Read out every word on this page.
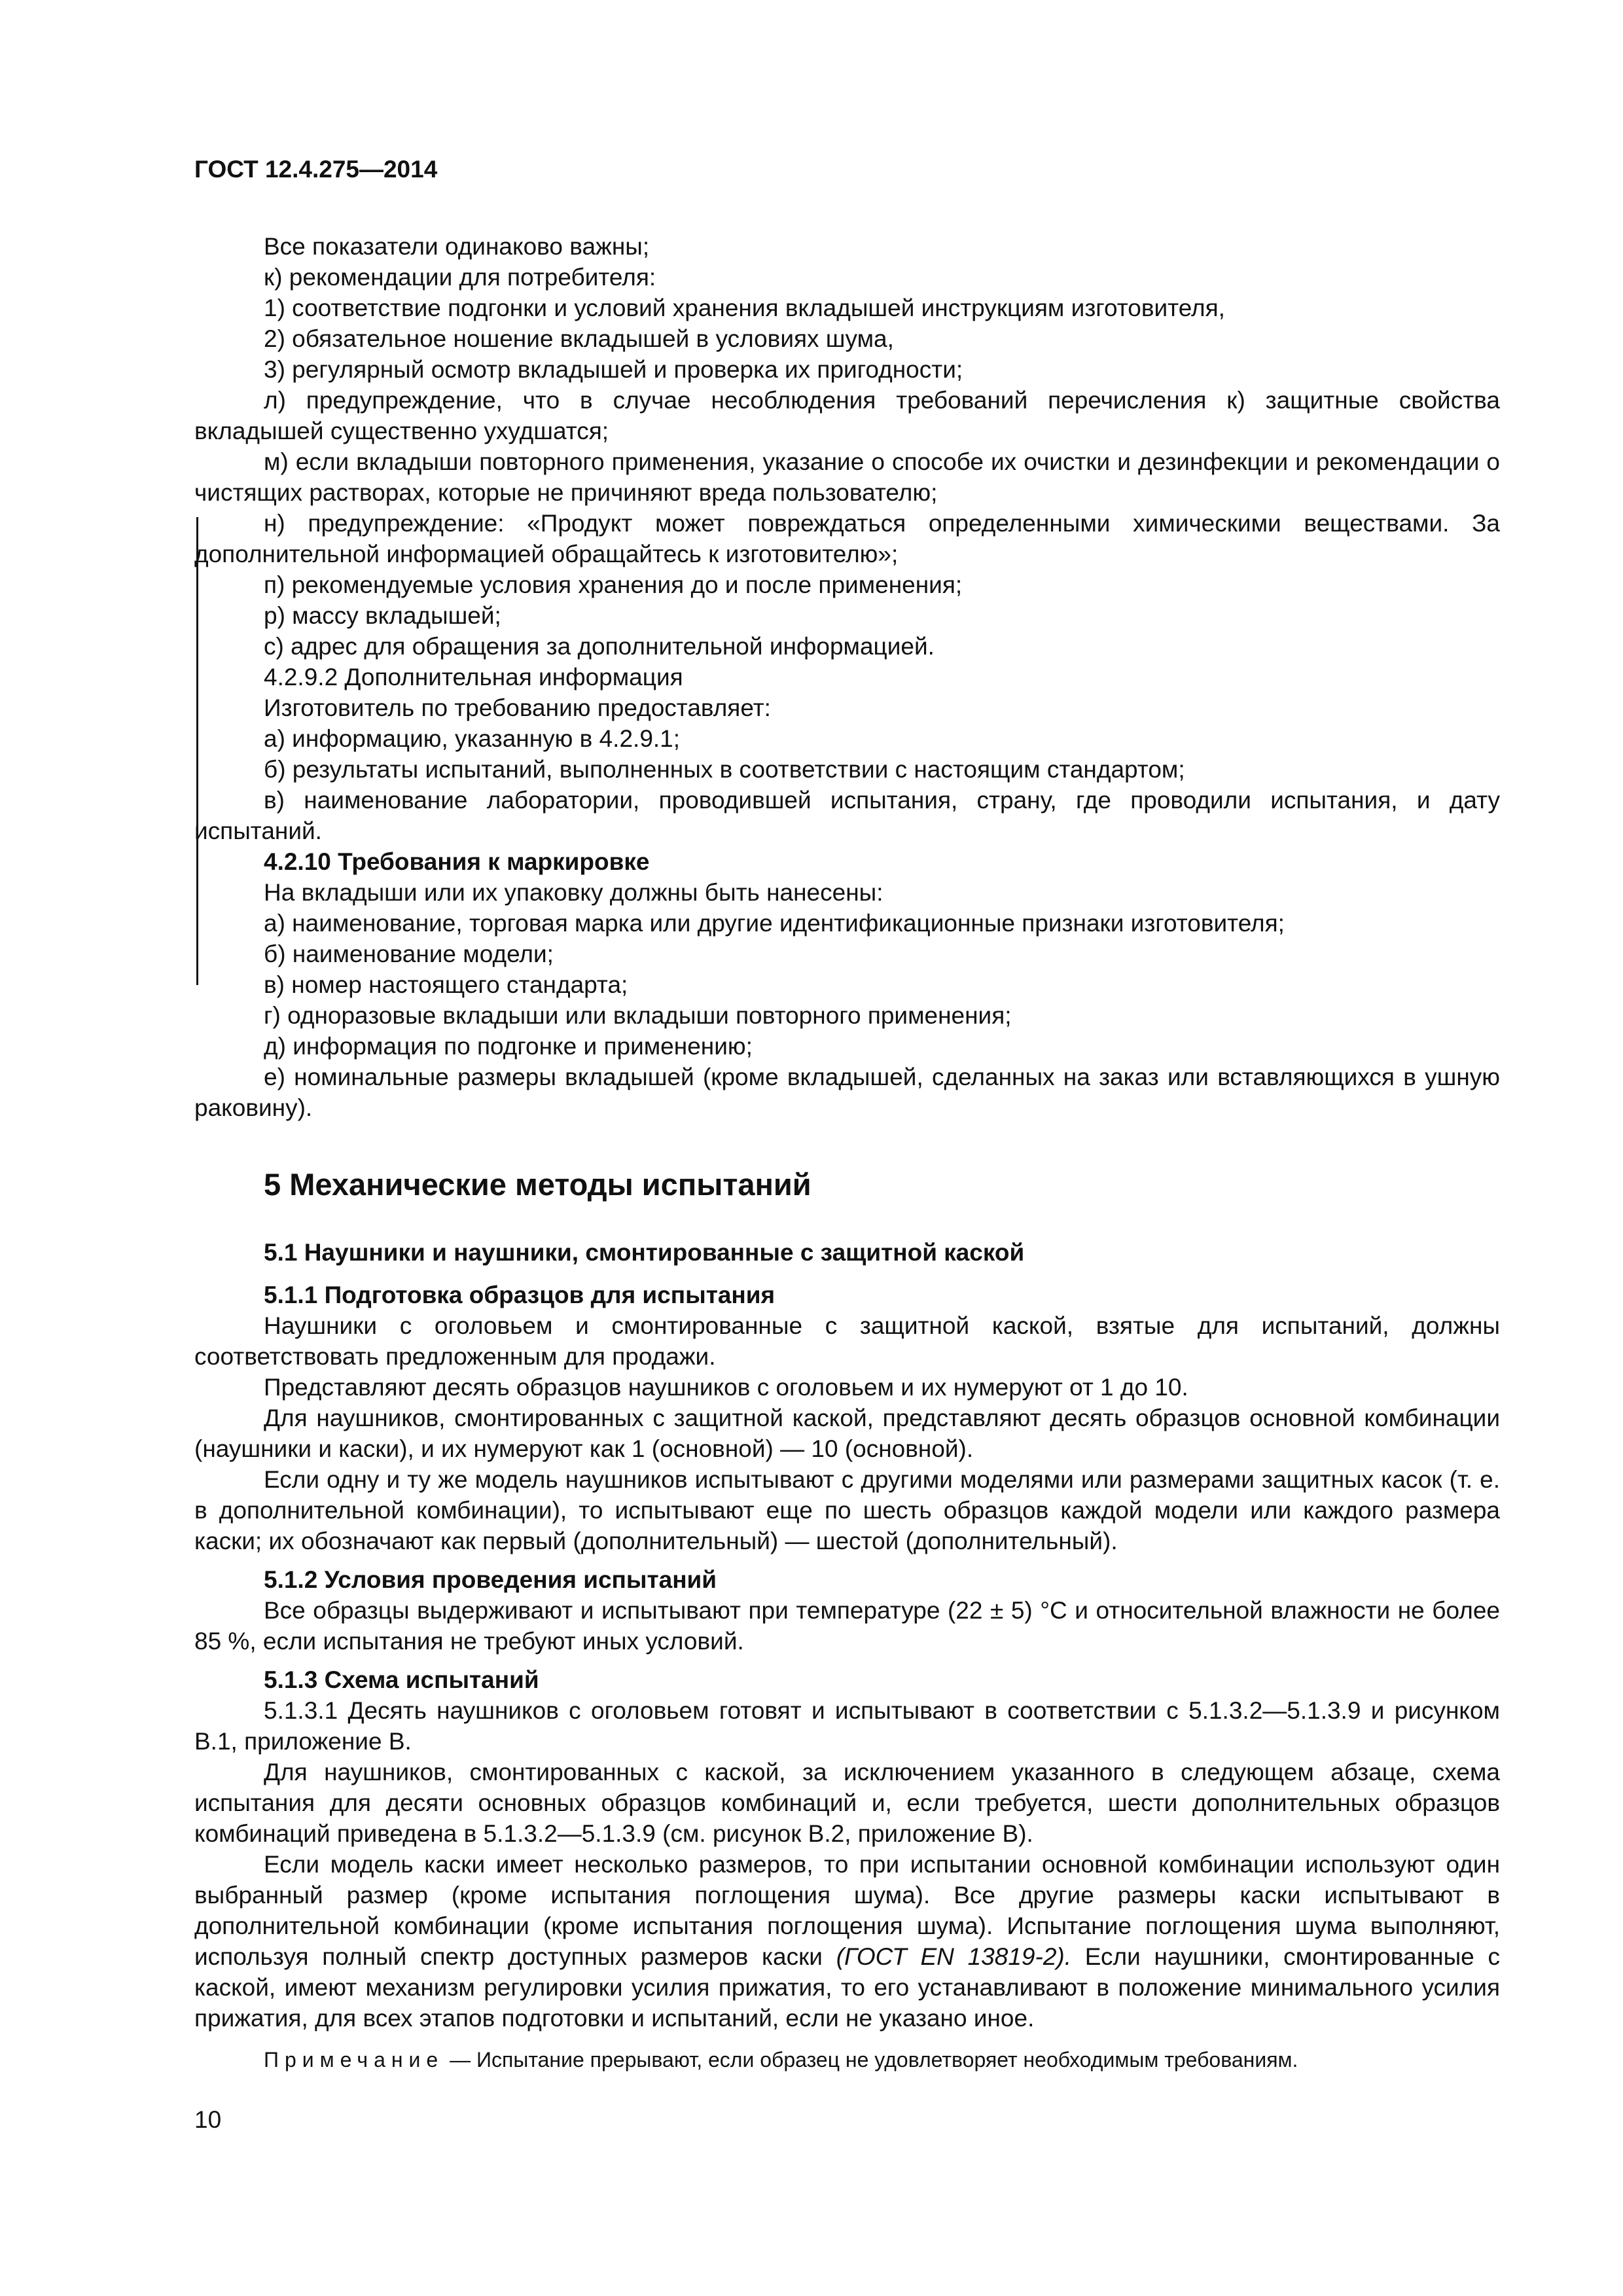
ГОСТ 12.4.275—2014

Все показатели одинаково важны;

к) рекомендации для потребителя:

1) соответствие подгонки и условий хранения вкладышей инструкциям изготовителя,

2) обязательное ношение вкладышей в условиях шума,

3) регулярный осмотр вкладышей и проверка их пригодности;

л) предупреждение, что в случае несоблюдения требований перечисления к) защитные свойства вкладышей существенно ухудшатся;

м) если вкладыши повторного применения, указание о способе их очистки и дезинфекции и рекомендации о чистящих растворах, которые не причиняют вреда пользователю;

н) предупреждение: «Продукт может повреждаться определенными химическими веществами. За дополнительной информацией обращайтесь к изготовителю»;

п) рекомендуемые условия хранения до и после применения;

р) массу вкладышей;

с) адрес для обращения за дополнительной информацией.

4.2.9.2 Дополнительная информация

Изготовитель по требованию предоставляет:

а) информацию, указанную в 4.2.9.1;

б) результаты испытаний, выполненных в соответствии с настоящим стандартом;

в) наименование лаборатории, проводившей испытания, страну, где проводили испытания, и дату испытаний.

4.2.10 Требования к маркировке

На вкладыши или их упаковку должны быть нанесены:

а) наименование, торговая марка или другие идентификационные признаки изготовителя;

б) наименование модели;

в) номер настоящего стандарта;

г) одноразовые вкладыши или вкладыши повторного применения;

д) информация по подгонке и применению;

е) номинальные размеры вкладышей (кроме вкладышей, сделанных на заказ или вставляющихся в ушную раковину).

5 Механические методы испытаний
5.1 Наушники и наушники, смонтированные с защитной каской
5.1.1 Подготовка образцов для испытания

Наушники с оголовьем и смонтированные с защитной каской, взятые для испытаний, должны соответствовать предложенным для продажи.

Представляют десять образцов наушников с оголовьем и их нумеруют от 1 до 10.

Для наушников, смонтированных с защитной каской, представляют десять образцов основной комбинации (наушники и каски), и их нумеруют как 1 (основной) — 10 (основной).

Если одну и ту же модель наушников испытывают с другими моделями или размерами защитных касок (т. е. в дополнительной комбинации), то испытывают еще по шесть образцов каждой модели или каждого размера каски; их обозначают как первый (дополнительный) — шестой (дополнительный).

5.1.2 Условия проведения испытаний

Все образцы выдерживают и испытывают при температуре (22 ± 5) °С и относительной влажности не более 85 %, если испытания не требуют иных условий.

5.1.3 Схема испытаний

5.1.3.1 Десять наушников с оголовьем готовят и испытывают в соответствии с 5.1.3.2—5.1.3.9 и рисунком В.1, приложение В.

Для наушников, смонтированных с каской, за исключением указанного в следующем абзаце, схема испытания для десяти основных образцов комбинаций и, если требуется, шести дополнительных образцов комбинаций приведена в 5.1.3.2—5.1.3.9 (см. рисунок В.2, приложение В).

Если модель каски имеет несколько размеров, то при испытании основной комбинации используют один выбранный размер (кроме испытания поглощения шума). Все другие размеры каски испытывают в дополнительной комбинации (кроме испытания поглощения шума). Испытание поглощения шума выполняют, используя полный спектр доступных размеров каски (ГОСТ EN 13819-2). Если наушники, смонтированные с каской, имеют механизм регулировки усилия прижатия, то его устанавливают в положение минимального усилия прижатия, для всех этапов подготовки и испытаний, если не указано иное.

Примечание — Испытание прерывают, если образец не удовлетворяет необходимым требованиям.

10
